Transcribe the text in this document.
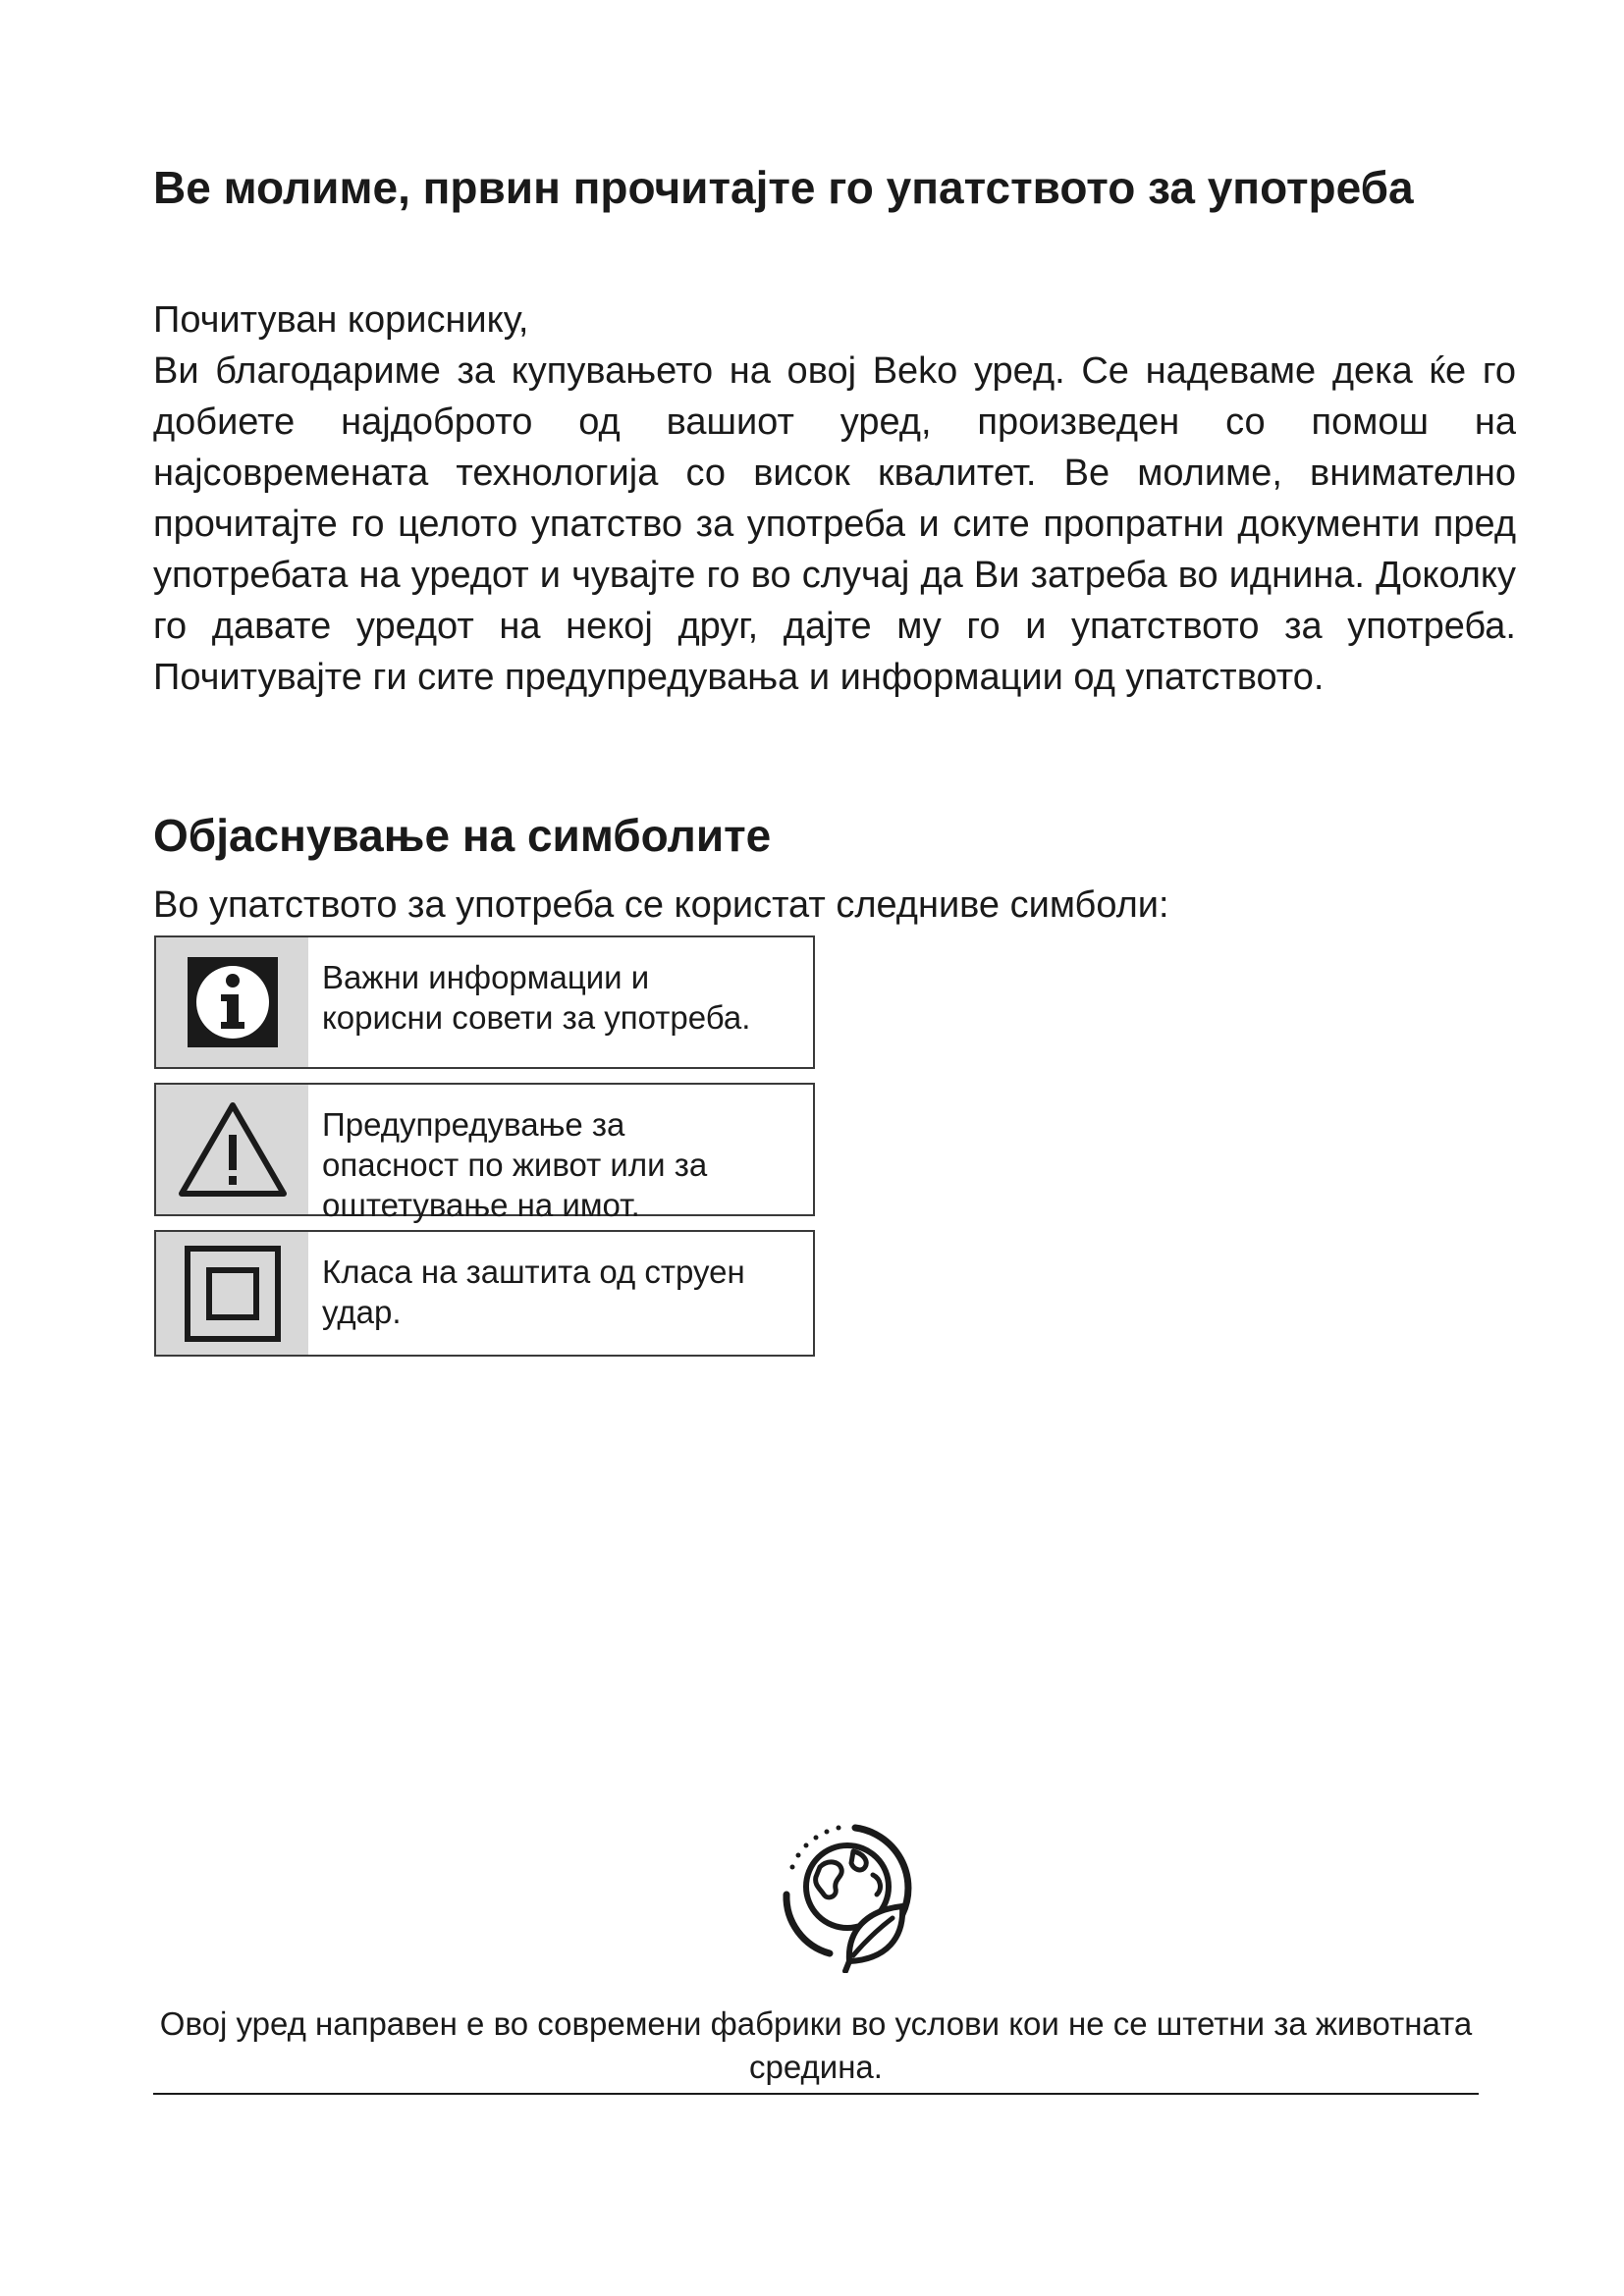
Ве молиме, првин прочитајте го упатството за употреба

Почитуван кориснику,

Ви благодариме за купувањето на овој Beko уред. Се надеваме дека ќе го добиете најдоброто од вашиот уред, произведен со помош на најсовремената технологија со висок квалитет. Ве молиме, внимателно прочитајте го целото упатство за употреба и сите пропратни документи пред употребата на уредот и чувајте го во случај да Ви затреба во иднина. Доколку го давате уредот на некој друг, дајте му го и упатството за употреба. Почитувајте ги сите предупредувања и информации од упатството.

Објаснување на симболите

Во упатството за употреба се користат следниве симболи:

Важни информации и
корисни совети за употреба.
Предупредување за
опасност по живот или за
оштетување на имот.
Класа на заштита од струен
удар.

Овој уред направен е во современи фабрики во услови кои не се штетни за животната средина.
